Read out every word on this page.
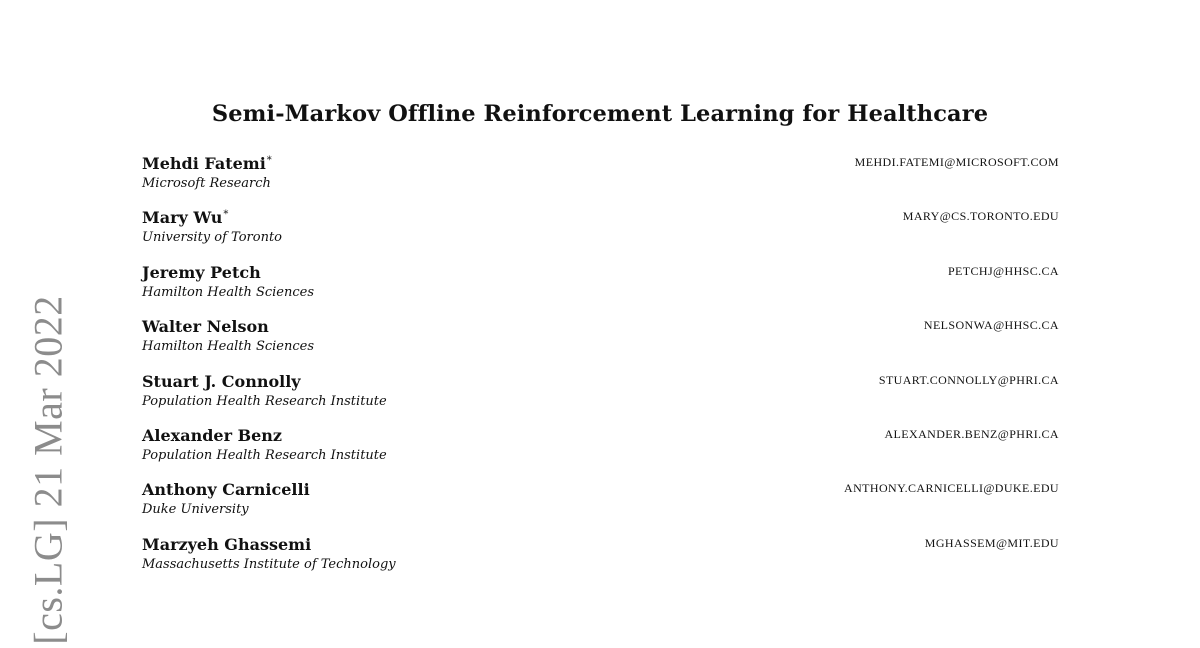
[cs.LG] 21 Mar 2022
Semi-Markov Offline Reinforcement Learning for Healthcare
Mehdi Fatemi*
Microsoft Research
MEHDI.FATEMI@MICROSOFT.COM
Mary Wu*
University of Toronto
MARY@CS.TORONTO.EDU
Jeremy Petch
Hamilton Health Sciences
PETCHJ@HHSC.CA
Walter Nelson
Hamilton Health Sciences
NELSONWA@HHSC.CA
Stuart J. Connolly
Population Health Research Institute
STUART.CONNOLLY@PHRI.CA
Alexander Benz
Population Health Research Institute
ALEXANDER.BENZ@PHRI.CA
Anthony Carnicelli
Duke University
ANTHONY.CARNICELLI@DUKE.EDU
Marzyeh Ghassemi
Massachusetts Institute of Technology
MGHASSEM@MIT.EDU
